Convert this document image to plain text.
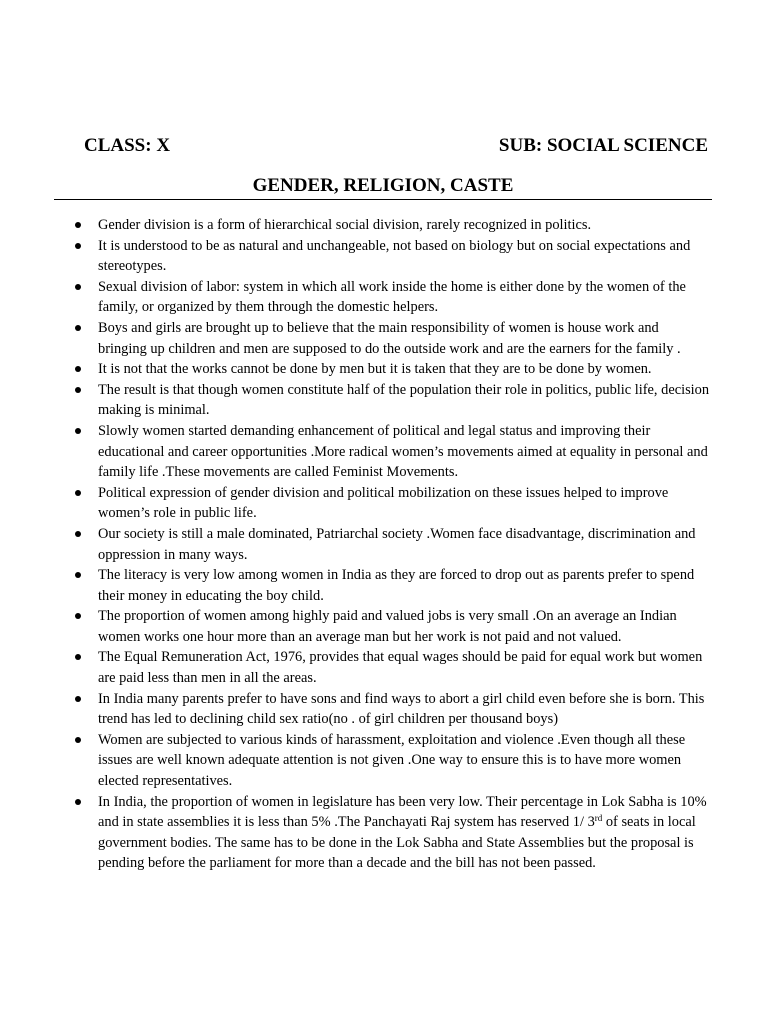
CLASS: X	SUB: SOCIAL SCIENCE
GENDER, RELIGION, CASTE
Gender division is a form of hierarchical social division, rarely recognized in politics.
It is understood to be as natural and unchangeable, not based on biology but on social expectations and stereotypes.
Sexual division of labor: system in which all work inside the home is either done by the women of the family, or organized by them through the domestic helpers.
Boys and girls are brought up to believe that the main responsibility of women is house work and bringing up children and men are supposed to do the outside work and are the earners for the family .
It is not that the works cannot be done by men but it is taken that they are to be done by women.
The result is that though women constitute half of the population their role in politics, public life, decision making is minimal.
Slowly women started demanding enhancement of political and legal status and improving their educational and career opportunities .More radical women’s movements aimed at equality in personal and family life .These movements are called Feminist Movements.
Political expression of gender division and political mobilization on these issues helped to improve women’s role in public life.
Our society is still a male dominated, Patriarchal society .Women face disadvantage, discrimination and oppression in many ways.
The literacy is very low among women in India as they are forced to drop out as parents prefer to spend their money in educating the boy child.
The proportion of women among highly paid and valued jobs is very small .On an average an Indian women works one hour more than an average man but her work is not paid and not valued.
The Equal Remuneration Act, 1976, provides that equal wages should be paid for equal work but women are paid less than men in all the areas.
In India many parents prefer to have sons and find ways to abort a girl child even before she is born. This trend has led to declining child sex ratio(no . of girl children per thousand boys)
Women are subjected to various kinds of harassment, exploitation and violence .Even though all these issues are well known adequate attention is not given .One way to ensure this is to have more women elected representatives.
In India, the proportion of women in legislature has been very low. Their percentage in Lok Sabha is 10% and in state assemblies it is less than 5% .The Panchayati Raj system has reserved 1/ 3rd of seats in local government bodies. The same has to be done in the Lok Sabha and State Assemblies but the proposal is pending before the parliament for more than a decade and the bill has not been passed.
